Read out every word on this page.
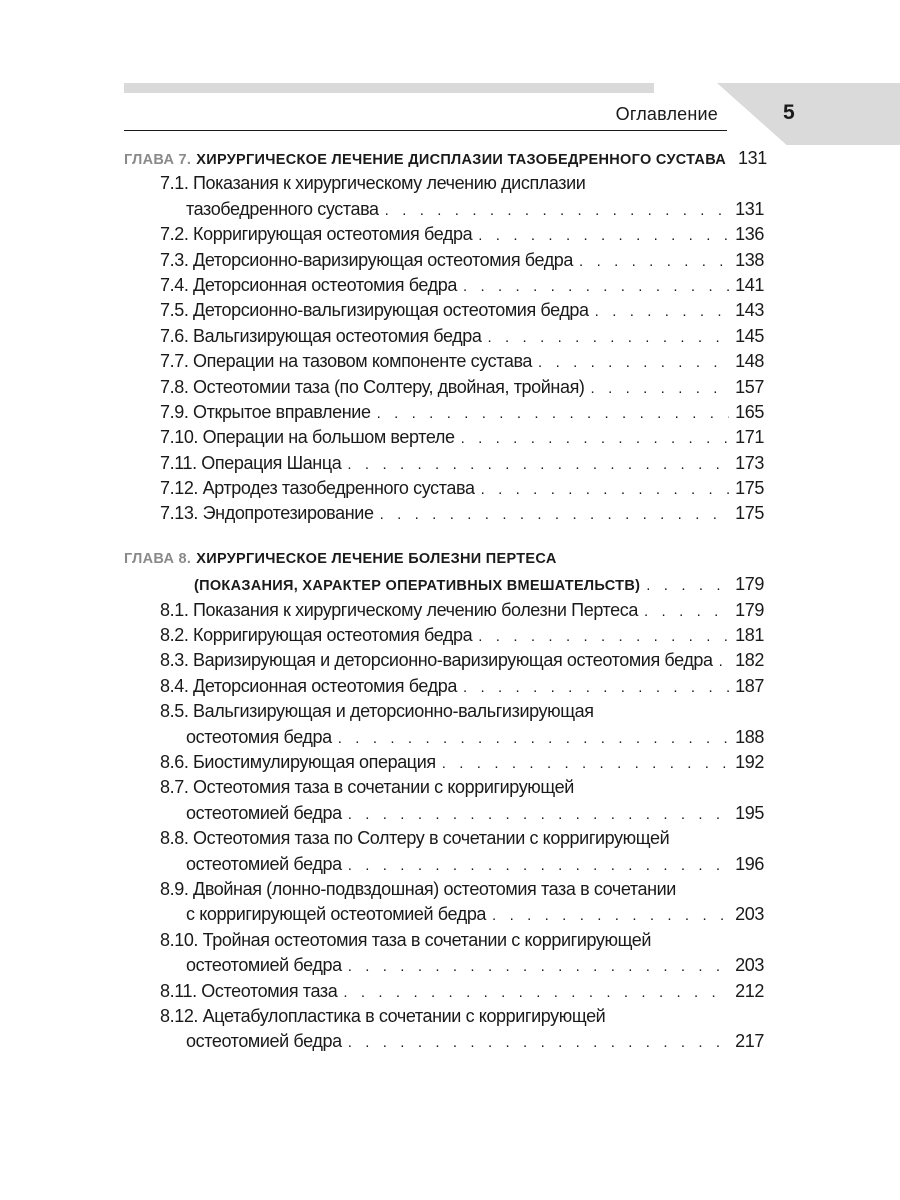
Оглавление	5
ГЛАВА 7. ХИРУРГИЧЕСКОЕ ЛЕЧЕНИЕ ДИСПЛАЗИИ ТАЗОБЕДРЕННОГО СУСТАВА 131
7.1. Показания к хирургическому лечению дисплазии
тазобедренного сустава . . .	131
7.2. Корригирующая остеотомия бедра . . .	136
7.3. Деторсионно-варизирующая остеотомия бедра . . .	138
7.4. Деторсионная остеотомия бедра . . .	141
7.5. Деторсионно-вальгизирующая остеотомия бедра . . .	143
7.6. Вальгизирующая остеотомия бедра . . .	145
7.7. Операции на тазовом компоненте сустава . . .	148
7.8. Остеотомии таза (по Солтеру, двойная, тройная) . . .	157
7.9. Открытое вправление . . .	165
7.10. Операции на большом вертеле . . .	171
7.11. Операция Шанца . . .	173
7.12. Артродез тазобедренного сустава . . .	175
7.13. Эндопротезирование . . .	175
ГЛАВА 8. ХИРУРГИЧЕСКОЕ ЛЕЧЕНИЕ БОЛЕЗНИ ПЕРТЕСА
(ПОКАЗАНИЯ, ХАРАКТЕР ОПЕРАТИВНЫХ ВМЕШАТЕЛЬСТВ) . . .	179
8.1. Показания к хирургическому лечению болезни Пертеса . . .	179
8.2. Корригирующая остеотомия бедра . . .	181
8.3. Варизирующая и деторсионно-варизирующая остеотомия бедра . . . 182
8.4. Деторсионная остеотомия бедра . . .	187
8.5. Вальгизирующая и деторсионно-вальгизирующая
остеотомия бедра . . .	188
8.6. Биостимулирующая операция . . .	192
8.7. Остеотомия таза в сочетании с корригирующей
остеотомией бедра . . .	195
8.8. Остеотомия таза по Солтеру в сочетании с корригирующей
остеотомией бедра . . .	196
8.9. Двойная (лонно-подвздошная) остеотомия таза в сочетании
с корригирующей остеотомией бедра . . .	203
8.10. Тройная остеотомия таза в сочетании с корригирующей
остеотомией бедра . . .	203
8.11. Остеотомия таза . . .	212
8.12. Ацетабулопластика в сочетании с корригирующей
остеотомией бедра . . .	217
